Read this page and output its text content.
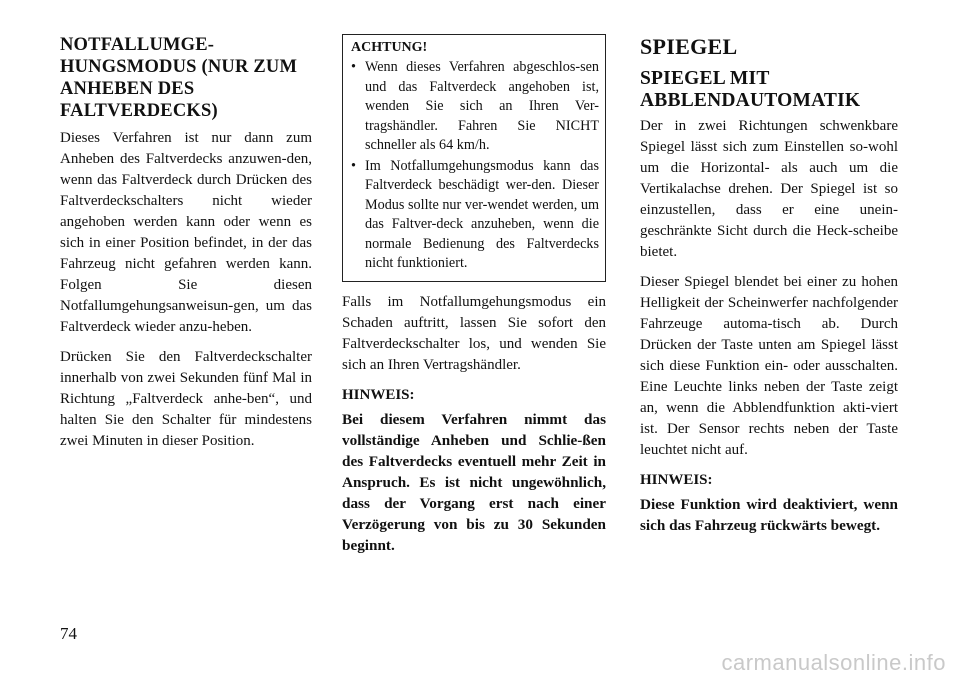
NOTFALLUMGE-
HUNGSMODUS (NUR ZUM
ANHEBEN DES
FALTVERDECKS)

Dieses Verfahren ist nur dann zum Anheben des Faltverdecks anzuwen-den, wenn das Faltverdeck durch Drücken des Faltverdeckschalters nicht wieder angehoben werden kann oder wenn es sich in einer Position befindet, in der das Fahrzeug nicht gefahren werden kann. Folgen Sie diesen Notfallumgehungsanweisun-gen, um das Faltverdeck wieder anzu-heben.

Drücken Sie den Faltverdeckschalter innerhalb von zwei Sekunden fünf Mal in Richtung „Faltverdeck anhe-ben“, und halten Sie den Schalter für mindestens zwei Minuten in dieser Position.

ACHTUNG!
• Wenn dieses Verfahren abgeschlos-sen und das Faltverdeck angehoben ist, wenden Sie sich an Ihren Ver-tragshändler. Fahren Sie NICHT schneller als 64 km/h.
• Im Notfallumgehungsmodus kann das Faltverdeck beschädigt wer-den. Dieser Modus sollte nur ver-wendet werden, um das Faltver-deck anzuheben, wenn die normale Bedienung des Faltverdecks nicht funktioniert.

Falls im Notfallumgehungsmodus ein Schaden auftritt, lassen Sie sofort den Faltverdeckschalter los, und wenden Sie sich an Ihren Vertragshändler.

HINWEIS:

Bei diesem Verfahren nimmt das vollständige Anheben und Schlie-ßen des Faltverdecks eventuell mehr Zeit in Anspruch. Es ist nicht ungewöhnlich, dass der Vorgang erst nach einer Verzögerung von bis zu 30 Sekunden beginnt.

SPIEGEL
SPIEGEL MIT ABBLENDAUTOMATIK

Der in zwei Richtungen schwenkbare Spiegel lässt sich zum Einstellen so-wohl um die Horizontal- als auch um die Vertikalachse drehen. Der Spiegel ist so einzustellen, dass er eine unein-geschränkte Sicht durch die Heck-scheibe bietet.

Dieser Spiegel blendet bei einer zu hohen Helligkeit der Scheinwerfer nachfolgender Fahrzeuge automa-tisch ab. Durch Drücken der Taste unten am Spiegel lässt sich diese Funktion ein- oder ausschalten. Eine Leuchte links neben der Taste zeigt an, wenn die Abblendfunktion akti-viert ist. Der Sensor rechts neben der Taste leuchtet nicht auf.

HINWEIS:

Diese Funktion wird deaktiviert, wenn sich das Fahrzeug rückwärts bewegt.

74
carmanualsonline.info
